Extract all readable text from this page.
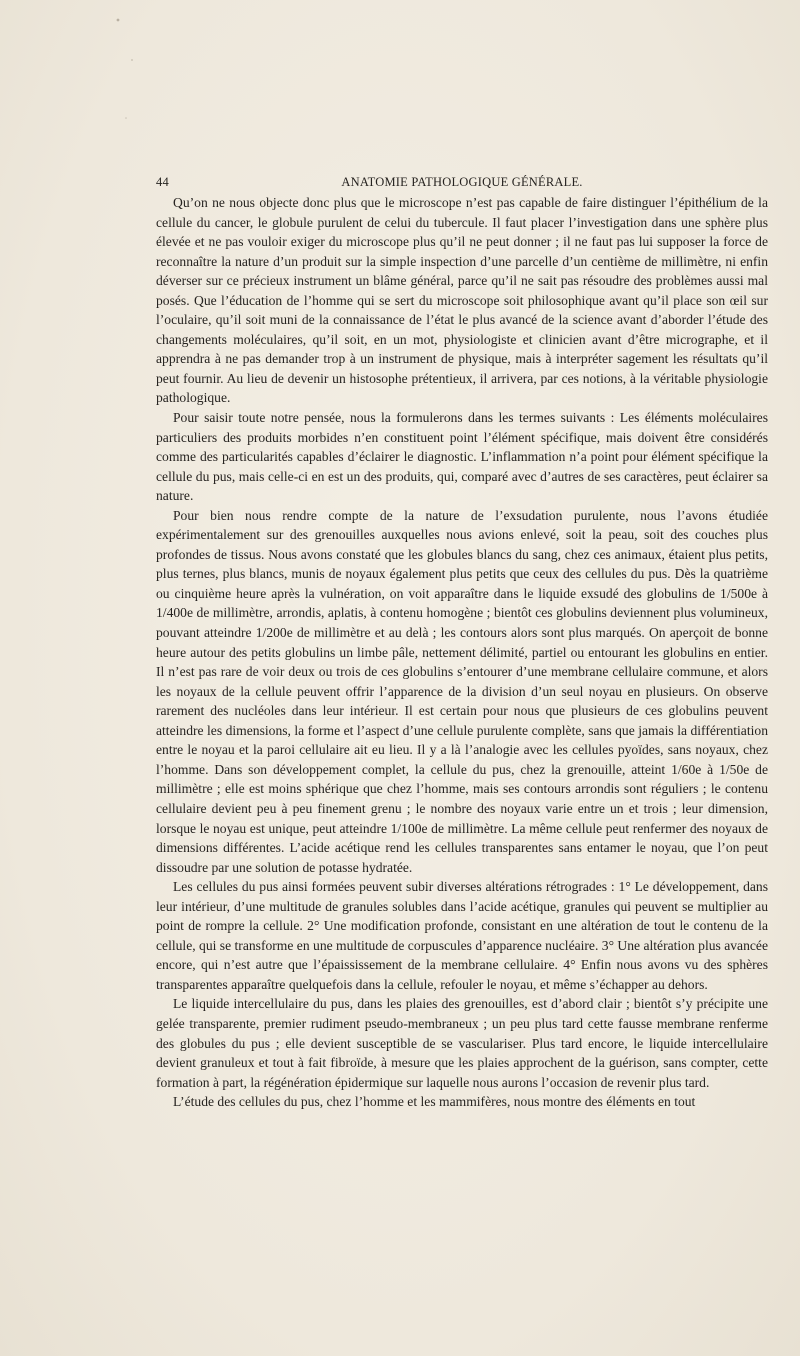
44	ANATOMIE PATHOLOGIQUE GÉNÉRALE.

Qu’on ne nous objecte donc plus que le microscope n’est pas capable de faire distinguer l’épithélium de la cellule du cancer, le globule purulent de celui du tubercule. Il faut placer l’investigation dans une sphère plus élevée et ne pas vouloir exiger du microscope plus qu’il ne peut donner ; il ne faut pas lui supposer la force de reconnaître la nature d’un produit sur la simple inspection d’une parcelle d’un centième de millimètre, ni enfin déverser sur ce précieux instrument un blâme général, parce qu’il ne sait pas résoudre des problèmes aussi mal posés. Que l’éducation de l’homme qui se sert du microscope soit philosophique avant qu’il place son œil sur l’oculaire, qu’il soit muni de la connaissance de l’état le plus avancé de la science avant d’aborder l’étude des changements moléculaires, qu’il soit, en un mot, physiologiste et clinicien avant d’être micrographe, et il apprendra à ne pas demander trop à un instrument de physique, mais à interpréter sagement les résultats qu’il peut fournir. Au lieu de devenir un histosophe prétentieux, il arrivera, par ces notions, à la véritable physiologie pathologique.

Pour saisir toute notre pensée, nous la formulerons dans les termes suivants : Les éléments moléculaires particuliers des produits morbides n’en constituent point l’élément spécifique, mais doivent être considérés comme des particularités capables d’éclairer le diagnostic. L’inflammation n’a point pour élément spécifique la cellule du pus, mais celle-ci en est un des produits, qui, comparé avec d’autres de ses caractères, peut éclairer sa nature.

Pour bien nous rendre compte de la nature de l’exsudation purulente, nous l’avons étudiée expérimentalement sur des grenouilles auxquelles nous avions enlevé, soit la peau, soit des couches plus profondes de tissus. Nous avons constaté que les globules blancs du sang, chez ces animaux, étaient plus petits, plus ternes, plus blancs, munis de noyaux également plus petits que ceux des cellules du pus. Dès la quatrième ou cinquième heure après la vulnération, on voit apparaître dans le liquide exsudé des globulins de 1/500e à 1/400e de millimètre, arrondis, aplatis, à contenu homogène ; bientôt ces globulins deviennent plus volumineux, pouvant atteindre 1/200e de millimètre et au delà ; les contours alors sont plus marqués. On aperçoit de bonne heure autour des petits globulins un limbe pâle, nettement délimité, partiel ou entourant les globulins en entier. Il n’est pas rare de voir deux ou trois de ces globulins s’entourer d’une membrane cellulaire commune, et alors les noyaux de la cellule peuvent offrir l’apparence de la division d’un seul noyau en plusieurs. On observe rarement des nucléoles dans leur intérieur. Il est certain pour nous que plusieurs de ces globulins peuvent atteindre les dimensions, la forme et l’aspect d’une cellule purulente complète, sans que jamais la différentiation entre le noyau et la paroi cellulaire ait eu lieu. Il y a là l’analogie avec les cellules pyoïdes, sans noyaux, chez l’homme. Dans son développement complet, la cellule du pus, chez la grenouille, atteint 1/60e à 1/50e de millimètre ; elle est moins sphérique que chez l’homme, mais ses contours arrondis sont réguliers ; le contenu cellulaire devient peu à peu finement grenu ; le nombre des noyaux varie entre un et trois ; leur dimension, lorsque le noyau est unique, peut atteindre 1/100e de millimètre. La même cellule peut renfermer des noyaux de dimensions différentes. L’acide acétique rend les cellules transparentes sans entamer le noyau, que l’on peut dissoudre par une solution de potasse hydratée.

Les cellules du pus ainsi formées peuvent subir diverses altérations rétrogrades : 1° Le développement, dans leur intérieur, d’une multitude de granules solubles dans l’acide acétique, granules qui peuvent se multiplier au point de rompre la cellule. 2° Une modification profonde, consistant en une altération de tout le contenu de la cellule, qui se transforme en une multitude de corpuscules d’apparence nucléaire. 3° Une altération plus avancée encore, qui n’est autre que l’épaississement de la membrane cellulaire. 4° Enfin nous avons vu des sphères transparentes apparaître quelquefois dans la cellule, refouler le noyau, et même s’échapper au dehors.

Le liquide intercellulaire du pus, dans les plaies des grenouilles, est d’abord clair ; bientôt s’y précipite une gelée transparente, premier rudiment pseudo-membraneux ; un peu plus tard cette fausse membrane renferme des globules du pus ; elle devient susceptible de se vasculariser. Plus tard encore, le liquide intercellulaire devient granuleux et tout à fait fibroïde, à mesure que les plaies approchent de la guérison, sans compter, cette formation à part, la régénération épidermique sur laquelle nous aurons l’occasion de revenir plus tard.

L’étude des cellules du pus, chez l’homme et les mammifères, nous montre des éléments en tout
